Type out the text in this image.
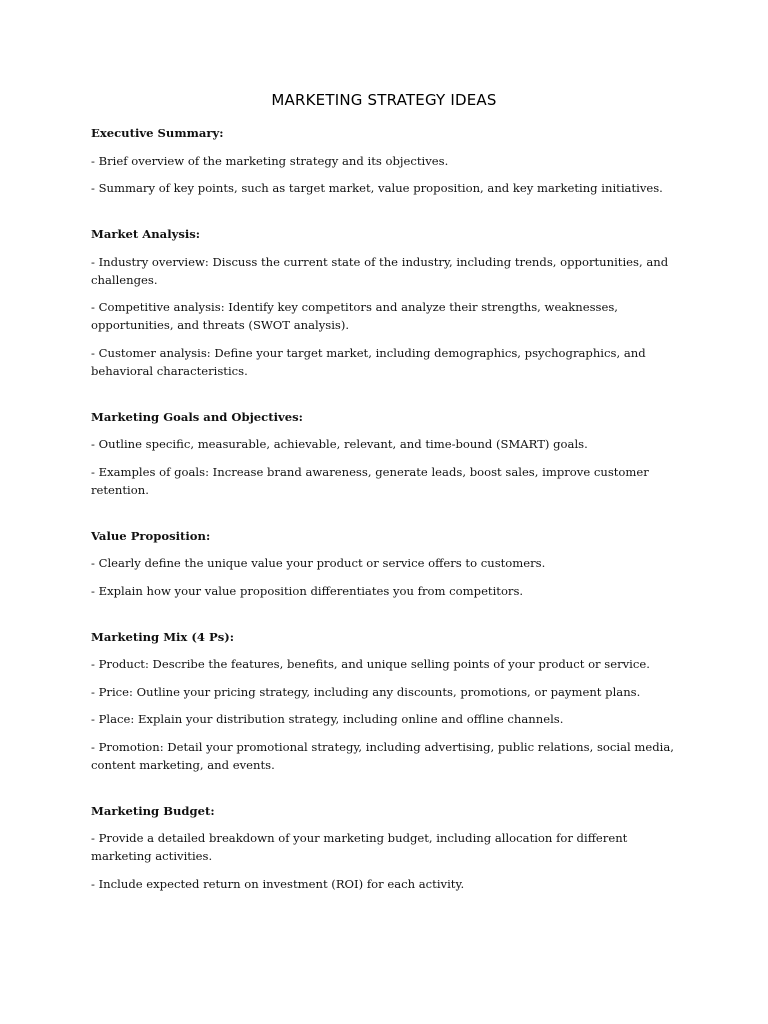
MARKETING STRATEGY IDEAS
Executive Summary:
- Brief overview of the marketing strategy and its objectives.
- Summary of key points, such as target market, value proposition, and key marketing initiatives.
Market Analysis:
- Industry overview: Discuss the current state of the industry, including trends, opportunities, and challenges.
- Competitive analysis: Identify key competitors and analyze their strengths, weaknesses, opportunities, and threats (SWOT analysis).
- Customer analysis: Define your target market, including demographics, psychographics, and behavioral characteristics.
Marketing Goals and Objectives:
- Outline specific, measurable, achievable, relevant, and time-bound (SMART) goals.
- Examples of goals: Increase brand awareness, generate leads, boost sales, improve customer retention.
Value Proposition:
- Clearly define the unique value your product or service offers to customers.
- Explain how your value proposition differentiates you from competitors.
Marketing Mix (4 Ps):
- Product: Describe the features, benefits, and unique selling points of your product or service.
- Price: Outline your pricing strategy, including any discounts, promotions, or payment plans.
- Place: Explain your distribution strategy, including online and offline channels.
- Promotion: Detail your promotional strategy, including advertising, public relations, social media, content marketing, and events.
Marketing Budget:
- Provide a detailed breakdown of your marketing budget, including allocation for different marketing activities.
- Include expected return on investment (ROI) for each activity.
